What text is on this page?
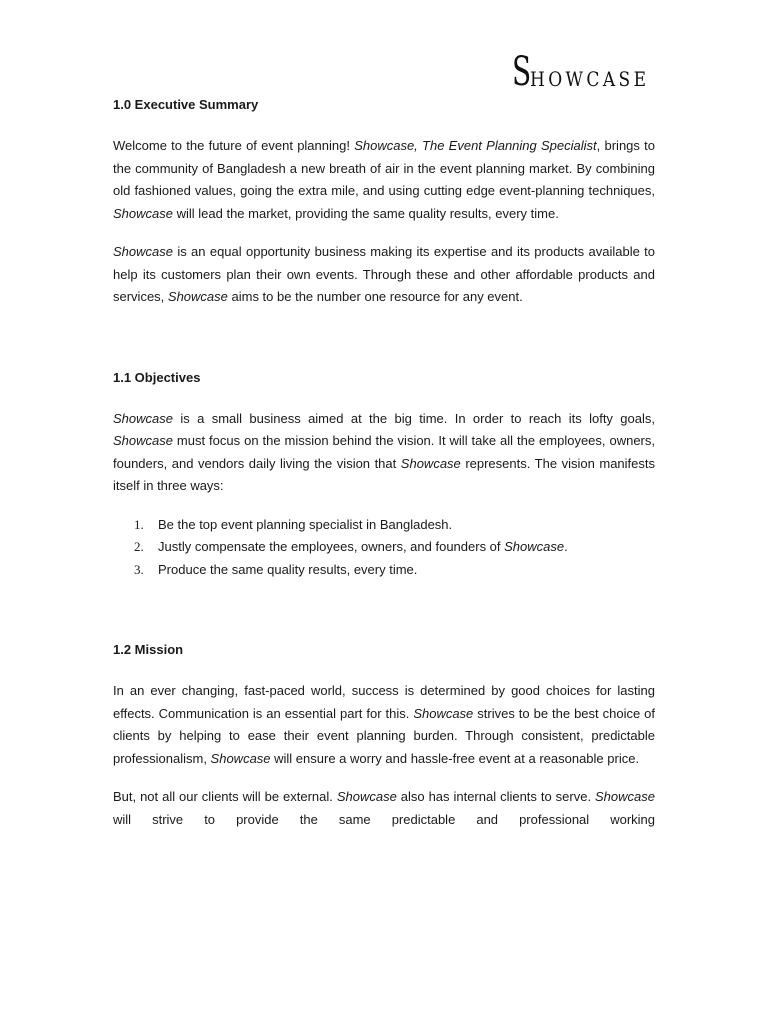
S
HOWCASE
1.0 Executive Summary

Welcome to the future of event planning! Showcase, The Event Planning Specialist, brings to the community of Bangladesh a new breath of air in the event planning market. By combining old fashioned values, going the extra mile, and using cutting edge event-planning techniques, Showcase will lead the market, providing the same quality results, every time.

Showcase is an equal opportunity business making its expertise and its products available to help its customers plan their own events. Through these and other affordable products and services, Showcase aims to be the number one resource for any event.

1.1 Objectives

Showcase is a small business aimed at the big time. In order to reach its lofty goals, Showcase must focus on the mission behind the vision. It will take all the employees, owners, founders, and vendors daily living the vision that Showcase represents. The vision manifests itself in three ways:

1. Be the top event planning specialist in Bangladesh.
2. Justly compensate the employees, owners, and founders of Showcase.
3. Produce the same quality results, every time.
1.2 Mission

In an ever changing, fast-paced world, success is determined by good choices for lasting effects. Communication is an essential part for this. Showcase strives to be the best choice of clients by helping to ease their event planning burden. Through consistent, predictable professionalism, Showcase will ensure a worry and hassle-free event at a reasonable price.

But, not all our clients will be external. Showcase also has internal clients to serve. Showcase will strive to provide the same predictable and professional working
